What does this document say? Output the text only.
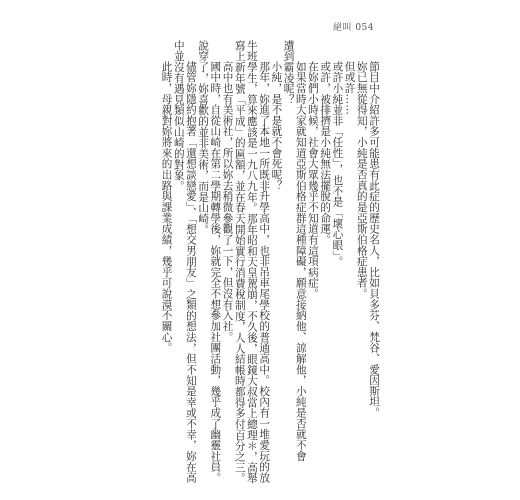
絕叫 054

節目中介紹許多可能患有此症的歷史名人，比如貝多芬、梵谷、愛因斯坦。

妳已無從得知，小純是否真的是亞斯伯格症患者。

但或許……

或許小純並非「任性」，也不是「壞心眼」。

或許，被排擠是小純無法擺脫的命運。

在妳們小時候，社會大眾幾乎不知道有這項病症。

如果當時大家就知道亞斯伯格症群這種障礙，願意接納他、諒解他，小純是否就不會

遭到霸凌呢？

小純，是不是就不會死呢？

那年，妳進了本地一所既非升學高中，也非吊車尾學校的普通高中。校內有一堆愛玩的放牛班學生，算來應該是一九八九年。那年昭和天皇駕崩，不久後，眼鏡大叔當上總理＊，高舉寫上新年號「平成」的匾額，並在春天開始實行消費稅制度，人人結帳時都得多付百分之三。

高中也有美術社，所以妳去稍微參觀了一下，但沒有入社。

國中時，自從山崎在第二學期轉學後，妳就完全不想參加社團活動，幾乎成了幽靈社員。說穿了，妳喜歡的並非美術，而是山崎。

儘管妳隱約抱著「還想談戀愛」、「想交男朋友」之類的想法，但不知是幸或不幸，妳在高中並沒有遇見類似山崎的對象。

此時，母親對妳將來的出路與課業成績，幾乎可說漠不關心。
